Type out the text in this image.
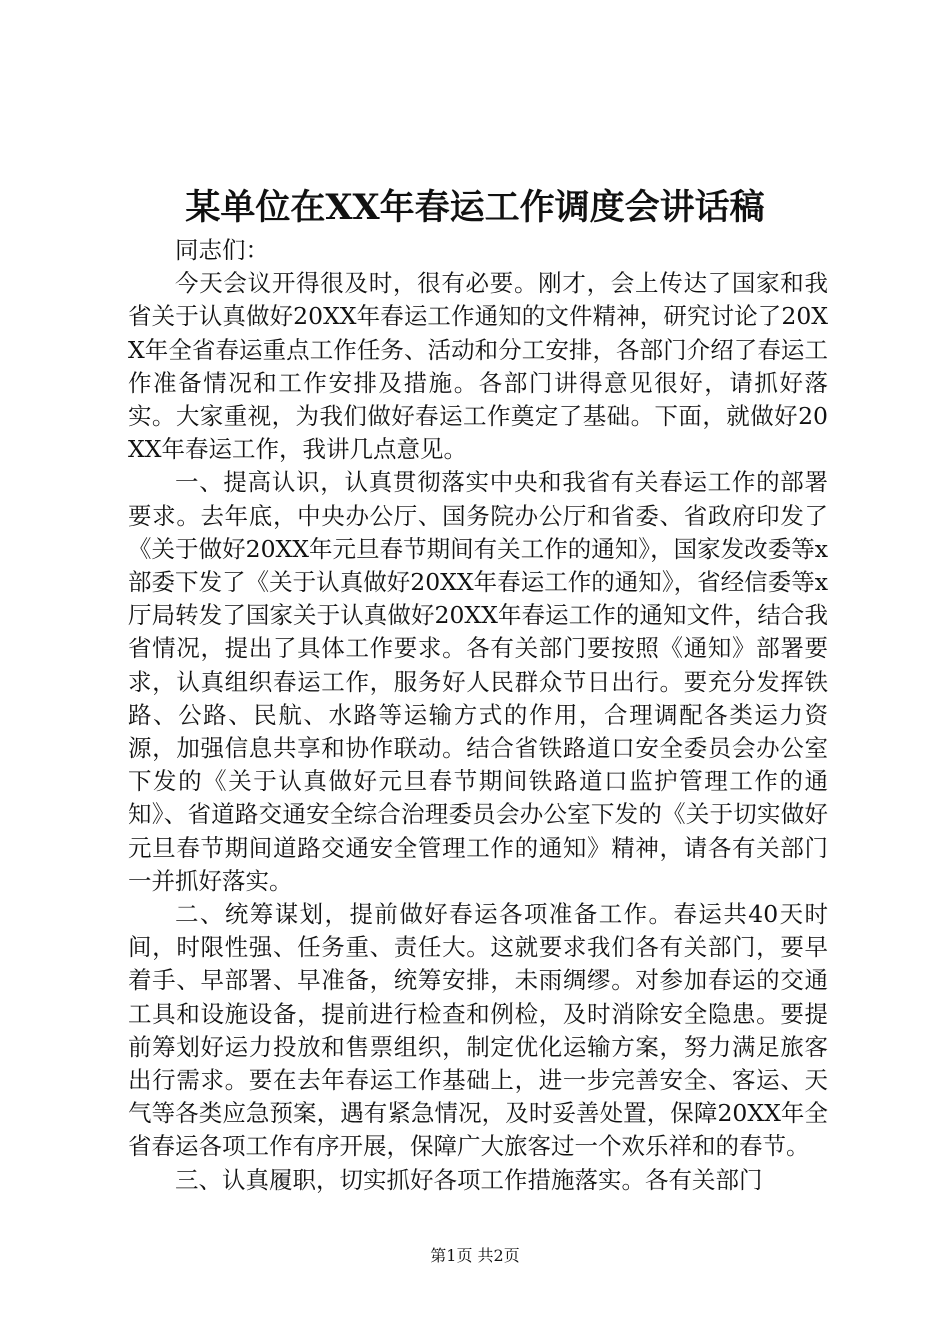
某单位在XX年春运工作调度会讲话稿

同志们：

今天会议开得很及时，很有必要。刚才，会上传达了国家和我省关于认真做好20XX年春运工作通知的文件精神，研究讨论了20XX年全省春运重点工作任务、活动和分工安排，各部门介绍了春运工作准备情况和工作安排及措施。各部门讲得意见很好，请抓好落实。大家重视，为我们做好春运工作奠定了基础。下面，就做好20XX年春运工作，我讲几点意见。

一、提高认识，认真贯彻落实中央和我省有关春运工作的部署要求。去年底，中央办公厅、国务院办公厅和省委、省政府印发了《关于做好20XX年元旦春节期间有关工作的通知》，国家发改委等x部委下发了《关于认真做好20XX年春运工作的通知》，省经信委等x厅局转发了国家关于认真做好20XX年春运工作的通知文件，结合我省情况，提出了具体工作要求。各有关部门要按照《通知》部署要求，认真组织春运工作，服务好人民群众节日出行。要充分发挥铁路、公路、民航、水路等运输方式的作用，合理调配各类运力资源，加强信息共享和协作联动。结合省铁路道口安全委员会办公室下发的《关于认真做好元旦春节期间铁路道口监护管理工作的通知》、省道路交通安全综合治理委员会办公室下发的《关于切实做好元旦春节期间道路交通安全管理工作的通知》精神，请各有关部门一并抓好落实。

二、统筹谋划，提前做好春运各项准备工作。春运共40天时间，时限性强、任务重、责任大。这就要求我们各有关部门，要早着手、早部署、早准备，统筹安排，未雨绸缪。对参加春运的交通工具和设施设备，提前进行检查和例检，及时消除安全隐患。要提前筹划好运力投放和售票组织，制定优化运输方案，努力满足旅客出行需求。要在去年春运工作基础上，进一步完善安全、客运、天气等各类应急预案，遇有紧急情况，及时妥善处置，保障20XX年全省春运各项工作有序开展，保障广大旅客过一个欢乐祥和的春节。

三、认真履职，切实抓好各项工作措施落实。各有关部门

第1页 共2页
